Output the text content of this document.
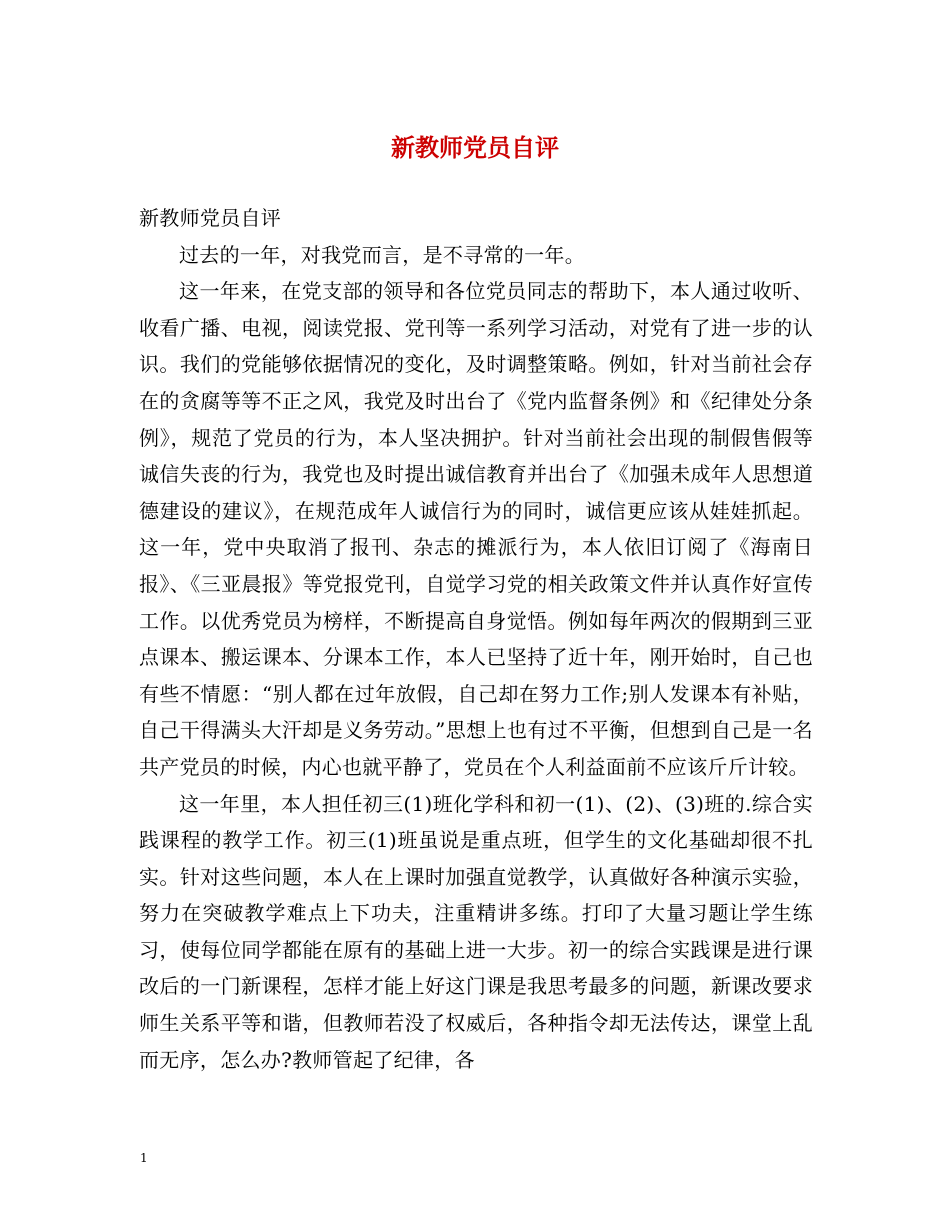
新教师党员自评

新教师党员自评

过去的一年，对我党而言，是不寻常的一年。

这一年来，在党支部的领导和各位党员同志的帮助下，本人通过收听、收看广播、电视，阅读党报、党刊等一系列学习活动，对党有了进一步的认识。我们的党能够依据情况的变化，及时调整策略。例如，针对当前社会存在的贪腐等等不正之风，我党及时出台了《党内监督条例》和《纪律处分条例》，规范了党员的行为，本人坚决拥护。针对当前社会出现的制假售假等诚信失丧的行为，我党也及时提出诚信教育并出台了《加强未成年人思想道德建设的建议》，在规范成年人诚信行为的同时，诚信更应该从娃娃抓起。这一年，党中央取消了报刊、杂志的摊派行为，本人依旧订阅了《海南日报》、《三亚晨报》等党报党刊，自觉学习党的相关政策文件并认真作好宣传工作。以优秀党员为榜样，不断提高自身觉悟。例如每年两次的假期到三亚点课本、搬运课本、分课本工作，本人已坚持了近十年，刚开始时，自己也有些不情愿：“别人都在过年放假，自己却在努力工作;别人发课本有补贴，自己干得满头大汗却是义务劳动。”思想上也有过不平衡，但想到自己是一名共产党员的时候，内心也就平静了，党员在个人利益面前不应该斤斤计较。

这一年里，本人担任初三(1)班化学科和初一(1)、(2)、(3)班的.综合实践课程的教学工作。初三(1)班虽说是重点班，但学生的文化基础却很不扎实。针对这些问题，本人在上课时加强直觉教学，认真做好各种演示实验，努力在突破教学难点上下功夫，注重精讲多练。打印了大量习题让学生练习，使每位同学都能在原有的基础上进一大步。初一的综合实践课是进行课改后的一门新课程，怎样才能上好这门课是我思考最多的问题，新课改要求师生关系平等和谐，但教师若没了权威后，各种指令却无法传达，课堂上乱而无序，怎么办?教师管起了纪律，各

1
